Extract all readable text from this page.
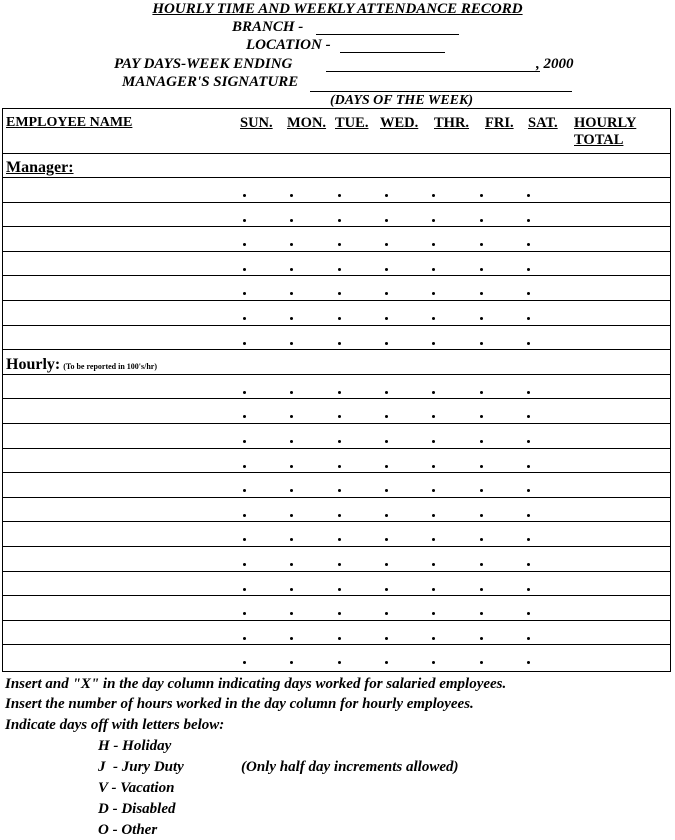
HOURLY TIME AND WEEKLY ATTENDANCE RECORD
BRANCH -
LOCATION -
PAY DAYS-WEEK ENDING	, 2000
MANAGER'S SIGNATURE
(DAYS OF THE WEEK)
EMPLOYEE NAME	SUN. MON. TUE. WED. THR. FRI. SAT. HOURLY
TOTAL
Manager:
Hourly: (To be reported in 100's/hr)
Insert and "X" in the day column indicating days worked for salaried employees.
Insert the number of hours worked in the day column for hourly employees.
Indicate days off with letters below:
H - Holiday
J  - Jury Duty	(Only half day increments allowed)
V - Vacation
D - Disabled
O - Other
